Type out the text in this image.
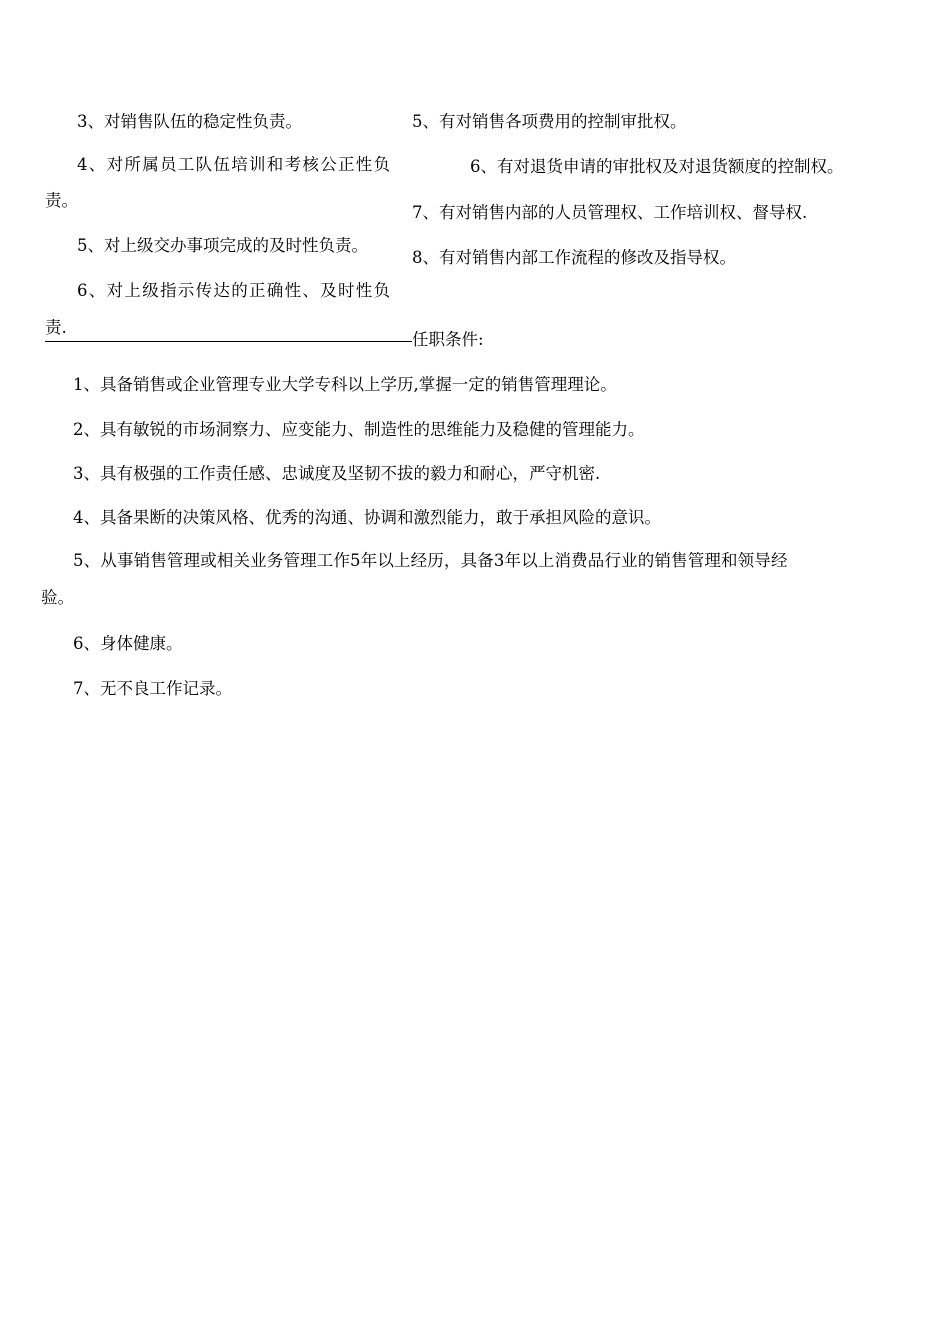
3、对销售队伍的稳定性负责。
4、对所属员工队伍培训和考核公正性负
责。
5、对上级交办事项完成的及时性负责。
6、对上级指示传达的正确性、及时性负
责.
5、有对销售各项费用的控制审批权。
6、有对退货申请的审批权及对退货额度的控制权。
7、有对销售内部的人员管理权、工作培训权、督导权.
8、有对销售内部工作流程的修改及指导权。
任职条件:
1、具备销售或企业管理专业大学专科以上学历,掌握一定的销售管理理论。
2、具有敏锐的市场洞察力、应变能力、制造性的思维能力及稳健的管理能力。
3、具有极强的工作责任感、忠诚度及坚韧不拔的毅力和耐心，严守机密.
4、具备果断的决策风格、优秀的沟通、协调和激烈能力，敢于承担风险的意识。
5、从事销售管理或相关业务管理工作5年以上经历，具备3年以上消费品行业的销售管理和领导经
验。
6、身体健康。
7、无不良工作记录。
